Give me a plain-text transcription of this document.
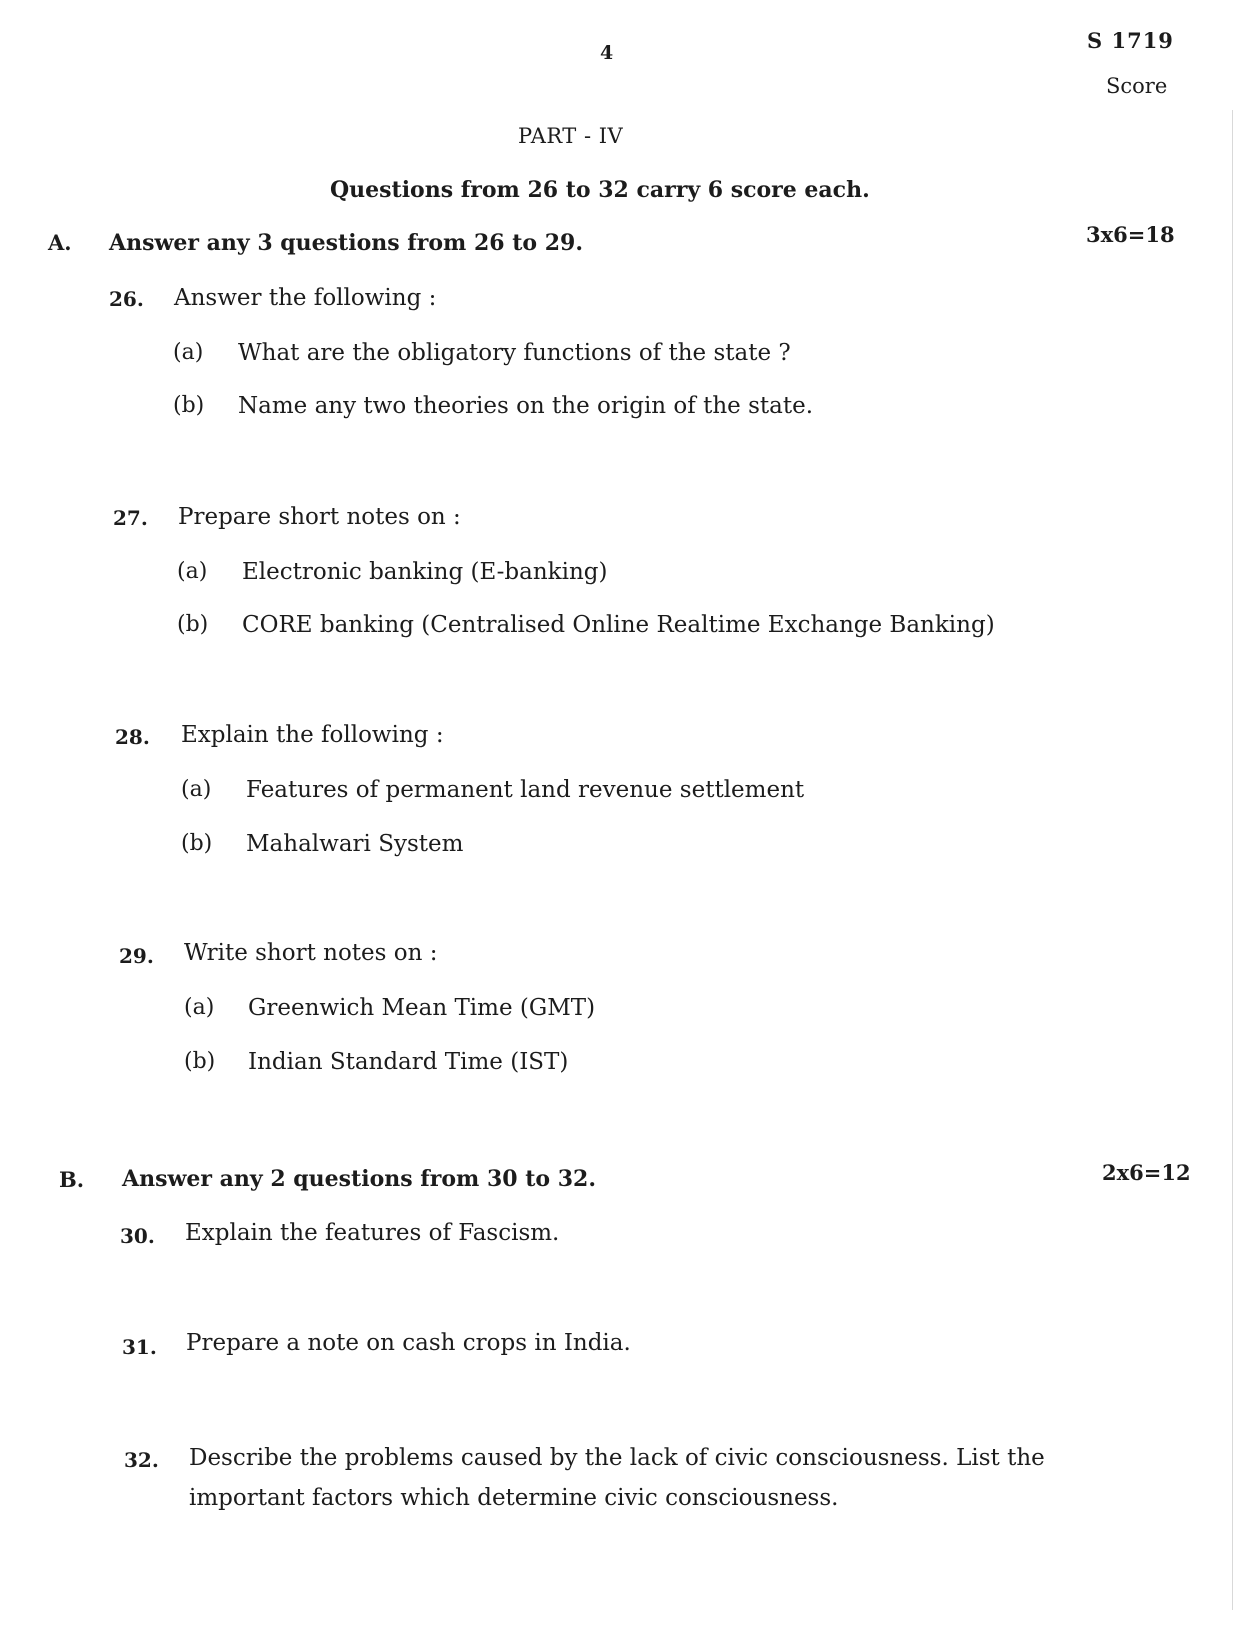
4	S 1719
Score
PART - IV
Questions from 26 to 32 carry 6 score each.
A. Answer any 3 questions from 26 to 29.	3x6=18
26. Answer the following :
(a) What are the obligatory functions of the state ?
(b) Name any two theories on the origin of the state.
27. Prepare short notes on :
(a) Electronic banking (E-banking)
(b) CORE banking (Centralised Online Realtime Exchange Banking)
28. Explain the following :
(a) Features of permanent land revenue settlement
(b) Mahalwari System
29. Write short notes on :
(a) Greenwich Mean Time (GMT)
(b) Indian Standard Time (IST)
B. Answer any 2 questions from 30 to 32.	2x6=12
30. Explain the features of Fascism.
31. Prepare a note on cash crops in India.
32. Describe the problems caused by the lack of civic consciousness. List the important factors which determine civic consciousness.
